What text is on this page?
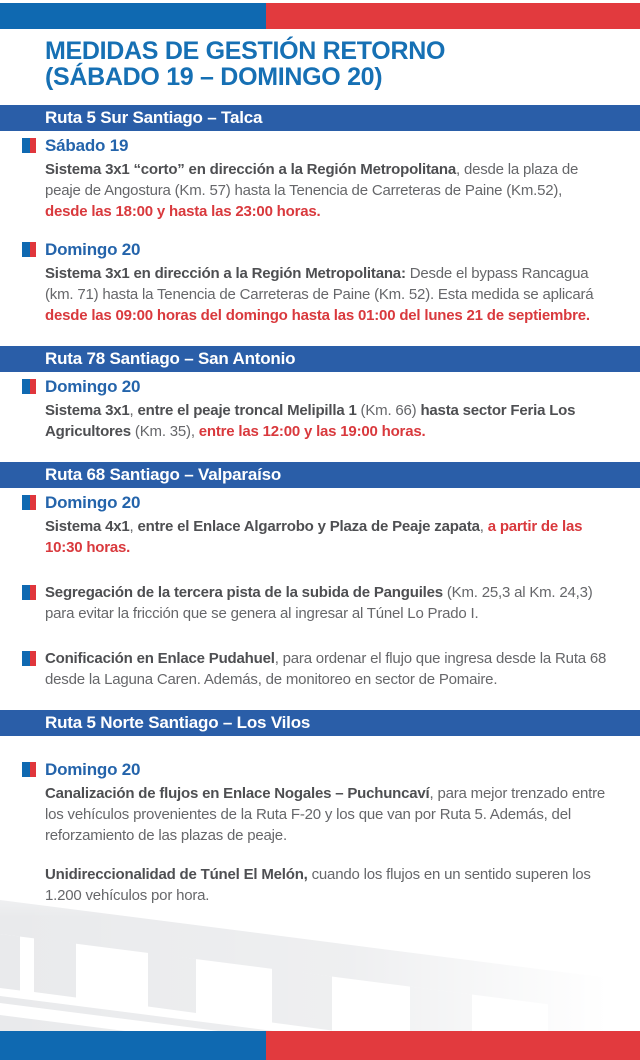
MEDIDAS DE GESTIÓN RETORNO
(SÁBADO 19 – DOMINGO 20)
Ruta 5 Sur Santiago – Talca
Sábado 19

Sistema 3x1 “corto” en dirección a la Región Metropolitana, desde la plaza de peaje de Angostura (Km. 57) hasta la Tenencia de Carreteras de Paine (Km.52), desde las 18:00 y hasta las 23:00 horas.

Domingo 20

Sistema 3x1 en dirección a la Región Metropolitana: Desde el bypass Rancagua (km. 71) hasta la Tenencia de Carreteras de Paine (Km. 52). Esta medida se aplicará desde las 09:00 horas del domingo hasta las 01:00 del lunes 21 de septiembre.

Ruta 78 Santiago – San Antonio
Domingo 20

Sistema 3x1, entre el peaje troncal Melipilla 1 (Km. 66) hasta sector Feria Los Agricultores (Km. 35), entre las 12:00 y las 19:00 horas.

Ruta 68 Santiago – Valparaíso
Domingo 20

Sistema 4x1, entre el Enlace Algarrobo y Plaza de Peaje zapata, a partir de las 10:30 horas.

Segregación de la tercera pista de la subida de Panguiles (Km. 25,3 al Km. 24,3) para evitar la fricción que se genera al ingresar al Túnel Lo Prado I.
Conificación en Enlace Pudahuel, para ordenar el flujo que ingresa desde la Ruta 68 desde la Laguna Caren. Además, de monitoreo en sector de Pomaire.
Ruta 5 Norte Santiago – Los Vilos
Domingo 20

Canalización de flujos en Enlace Nogales – Puchuncaví, para mejor trenzado entre los vehículos provenientes de la Ruta F-20 y los que van por Ruta 5. Además, del reforzamiento de las plazas de peaje.

Unidireccionalidad de Túnel El Melón, cuando los flujos en un sentido superen los 1.200 vehículos por hora.
